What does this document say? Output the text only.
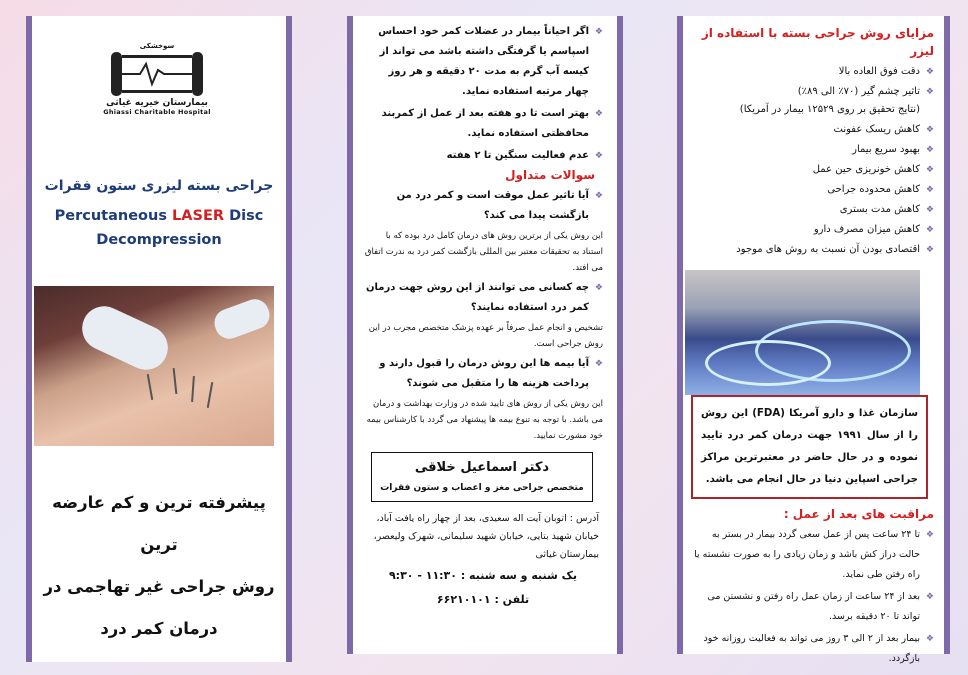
سوخشکی
بیمارستان خیریه غیاثی
Ghiassi Charitable Hospital
جراحی بسته لیزری ستون فقرات
Percutaneous LASER Disc
Decompression
پیشرفته ترین و کم عارضه ترین
روش جراحی غیر تهاجمی در
درمان کمر درد
❖ اگر احیاناً بیمار در عضلات کمر خود احساس اسپاسم یا گرفتگی داشته باشد می تواند از کیسه آب گرم به مدت ۲۰ دقیقه و هر روز چهار مرتبه استفاده نماید.
❖ بهتر است تا دو هفته بعد از عمل از کمربند محافظتی استفاده نماید.
❖ عدم فعالیت سنگین تا ۲ هفته
سوالات متداول
❖ آیا تاثیر عمل موقت است و کمر درد من بازگشت پیدا می کند؟
این روش یکی از برترین روش های درمان کامل درد بوده که با استناد به تحقیقات معتبر بین المللی بازگشت کمر درد به ندرت اتفاق می افتد.
❖ چه کسانی می توانند از این روش جهت درمان کمر درد استفاده نمایند؟
تشخیص و انجام عمل صرفاً بر عهده پزشک متخصص مجرب در این روش جراحی است.
❖ آیا بیمه ها این روش درمان را قبول دارند و پرداخت هزینه ها را متقبل می شوند؟
این روش یکی از روش های تایید شده در وزارت بهداشت و درمان می باشد. با توجه به تنوع بیمه ها پیشنهاد می گردد با کارشناس بیمه خود مشورت نمایید.
دکتر اسماعیل خلاقی
متخصص جراحی مغز و اعصاب و ستون فقرات
آدرس : اتوبان آیت اله سعیدی، بعد از چهار راه یافت آباد، خیابان شهید بتایی، خیابان شهید سلیمانی، شهرک ولیعصر، بیمارستان غیاثی
یک شنبه و سه شنبه : ۱۱:۳۰ - ۹:۳۰
تلفن : ۶۶۲۱۰۱۰۱
مزایای روش جراحی بسته با استفاده از لیزر
❖ دقت فوق العاده بالا
❖ تاثیر چشم گیر (۷۰٪ الی ۸۹٪)
(نتایج تحقیق بر روی ۱۲۵۲۹ بیمار در آمریکا)
❖ کاهش ریسک عفونت
❖ بهبود سریع بیمار
❖ کاهش خونریزی حین عمل
❖ کاهش محدوده جراحی
❖ کاهش مدت بستری
❖ کاهش میزان مصرف دارو
❖ اقتصادی بودن آن نسبت به روش های موجود
سازمان غذا و دارو آمریکا (FDA) این روش را از سال ۱۹۹۱ جهت درمان کمر درد تایید نموده و در حال حاضر در معتبرترین مراکز جراحی اسپاین دنیا در حال انجام می باشد.
مراقبت های بعد از عمل :
❖ تا ۲۴ ساعت پس از عمل سعی گردد بیمار در بستر به حالت دراز کش باشد و زمان زیادی را به صورت نشسته یا راه رفتن طی نماید.
❖ بعد از ۲۴ ساعت از زمان عمل راه رفتن و نشستن می تواند تا ۲۰ دقیقه برسد.
❖ بیمار بعد از ۲ الی ۳ روز می تواند به فعالیت روزانه خود بازگردد.
